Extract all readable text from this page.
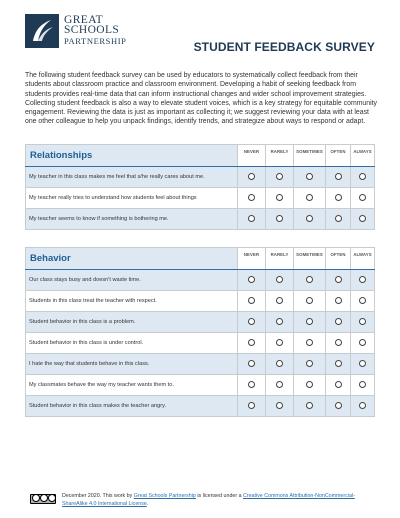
GREAT
SCHOOLS
PARTNERSHIP	STUDENT FEEDBACK SURVEY

The following student feedback survey can be used by educators to systematically collect feedback from their students about classroom practice and classroom environment. Developing a habit of seeking feedback from students provides real-time data that can inform instructional changes and wider school improvement strategies. Collecting student feedback is also a way to elevate student voices, which is a key strategy for equitable community engagement. Reviewing the data is just as important as collecting it; we suggest reviewing your data with at least one other colleague to help you unpack findings, identify trends, and strategize about ways to respond or adapt.

Relationships	NEVER	RARELY	SOMETIMES	OFTEN	ALWAYS
My teacher in this class makes me feel that s/he really cares about me.					
My teacher really tries to understand how students feel about things					
My teacher seems to know if something is bothering me.					
Behavior	NEVER	RARELY	SOMETIMES	OFTEN	ALWAYS
Our class stays busy and doesn't waste time.					
Students in this class treat the teacher with respect.					
Student behavior in this class is a problem.					
Student behavior in this class is under control.					
I hate the way that students behave in this class.					
My classmates behave the way my teacher wants them to.					
Student behavior in this class makes the teacher angry.					
December 2020. This work by Great Schools Partnership is licensed under a Creative Commons Attribution-NonCommercial-ShareAlike 4.0 International License.
